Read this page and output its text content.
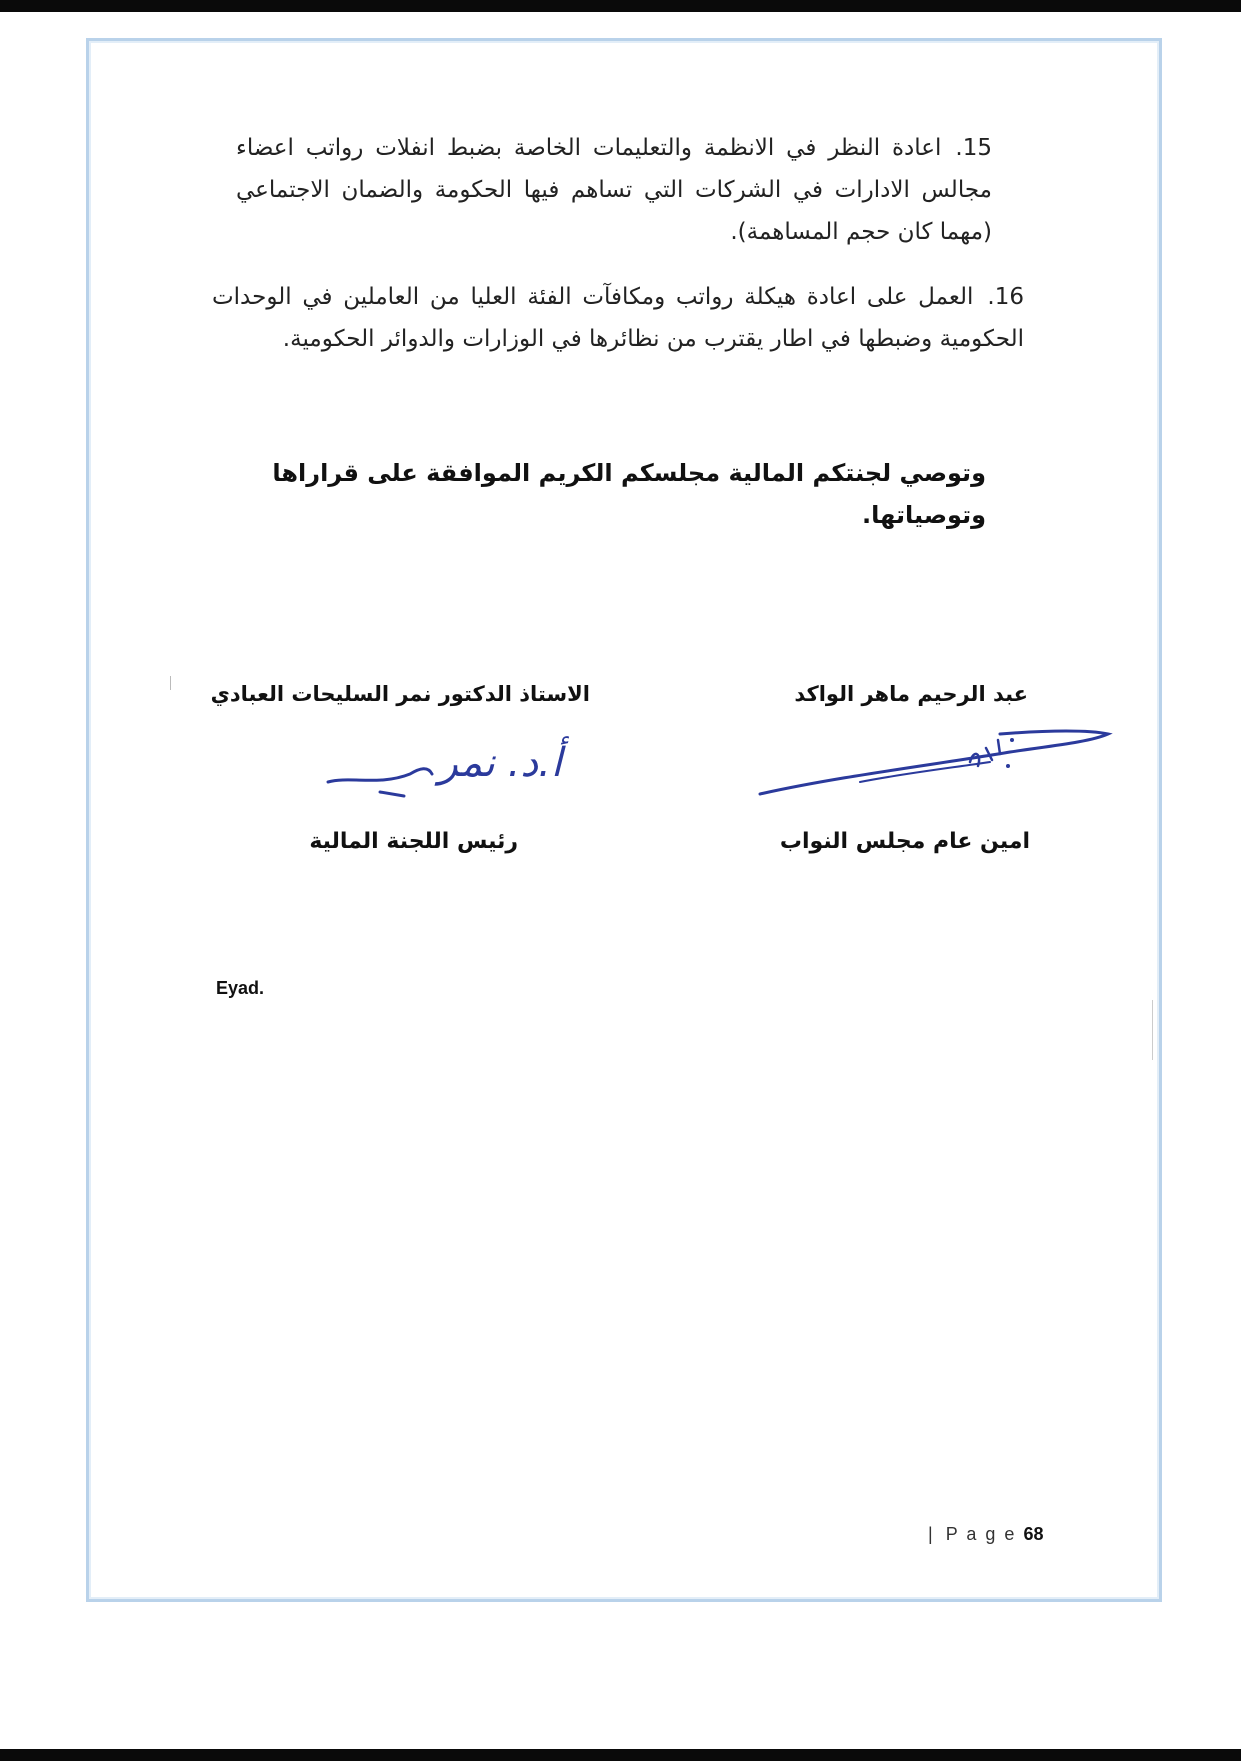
15.اعادة النظر في الانظمة والتعليمات الخاصة بضبط انفلات رواتب اعضاء مجالس الادارات في الشركات التي تساهم فيها الحكومة والضمان الاجتماعي (مهما كان حجم المساهمة).
16.العمل على اعادة هيكلة رواتب ومكافآت الفئة العليا من العاملين في الوحدات الحكومية وضبطها في اطار يقترب من نظائرها في الوزارات والدوائر الحكومية.
وتوصي لجنتكم المالية مجلسكم الكريم الموافقة على قراراها وتوصياتها.
الاستاذ الدكتور نمر السليحات العبادي	عبد الرحيم ماهر الواكد
أ.د. نمر
رئيس اللجنة المالية	امين عام مجلس النواب
Eyad.
| P a g e 68
